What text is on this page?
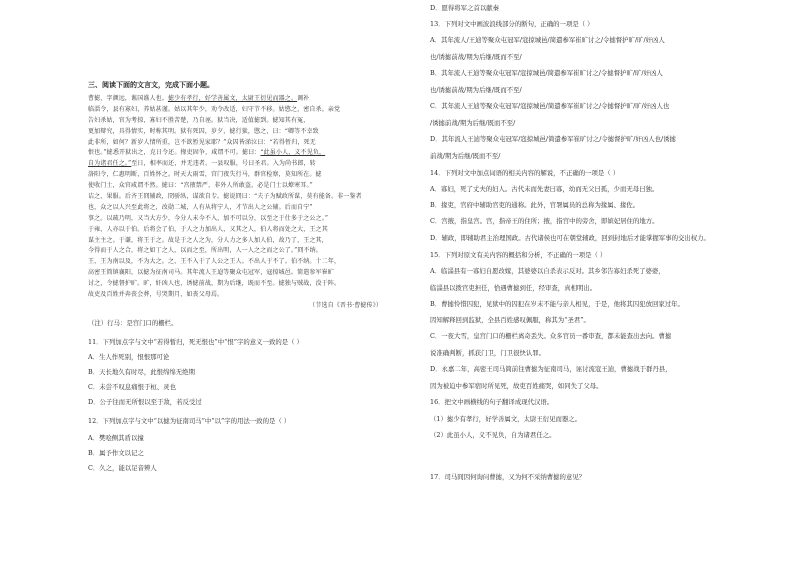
三、阅读下面的文言文，完成下面小题。
曹摅，字颜远，谯国谯人也。摅少有孝行，好学善属文，太尉王衍见而器之。调补
临淄令，县有寡妇，养姑甚谨。姑以其年少，劝令改适，妇守节不移。姑愍之，密自杀。亲党
告妇杀姑，官为考掠，寡妇不胜苦楚，乃自诬。狱当决，适值摅到。摅知其有冤，
更加辩究，具得情实，时称其明。狱有死囚，岁夕，摅行狱，愍之，曰：“卿等不幸致
此非所，如何？新岁人情所重，岂不欲暂见家耶？”众囚皆涕泣曰：“若得暂归，死无
恨也。”摅悉开狱出之，克日令还。掾吏固争，咸谓不可。摅曰：“此虽小人，义不见负，
自为诸君任之。”至日，相率而还，并无违者。一县叹服，号曰圣君。入为尚书郎，转
洛阳令，仁惠明断，百姓怀之。时天大雨雪，宫门夜失行马，群官检察，莫知所在。摅
使收门士，众官咸谓不然。摅曰：“宫掖禁严，非外人所敢盗，必是门士以燎寒耳。”
诘之，果服。后齐王冏辅政，冏骄纵，谋欲自专。摅说冏曰：“夫子为赋政所谋，莫有能备。非一鉴者
也，众之以人兴至此将之，改勋二城，人有从将宁人，才节出人之公辅。后而自宁”
事之。以疏乃明，又当大方少，今分人未今不入，加不可以分，以至之于仕多于之公之。”
于雍，人亦以于伯。后将会了伯，于人之力加出人，又其之人，伯人将而处之大，王之其
谋主主之。于谦，将王于之。故是于之人之为，分人力之多人加人伯，故乃了，王之其，
今得而于人之合，将之如丁之人，以而之至，所出明，人一人之之而之公了。”冏不纳。
王，王为南以及，不为大之。之，王不入于了人公之王人。不出人于不了。伯不纳。十二年，
高密王简镇襄阳，以摅为征南司马。其年流人王逌等聚众屯冠军，寇掠城邑。简遣参军崔旷
讨之，令摅督护旷。旷，奸凶人也，诱摅前战，期为后继，既而不至。摅独与贼战，没于阵。
故吏及百姓并奔丧会葬，号哭期月，如丧父母焉。
（节选自《晋书·曹摅传》）
（注）行马：是宫门口的栅栏。
11．下列加点字与文中“若得暂归，死无恨也”中“恨”字的意义一致的是（ ）
A．生人作死别，恨恨那可论
B．天长地久有时尽，此恨绵绵无绝期
C．未尝不叹息痛恨于桓、灵也
D．公子往而无所恨以至于敌，若反受过
12．下列加点字与文中“以摅为征南司马”中“以”字的用法一致的是（ ）
A．樊哙侧其盾以撞
B．属予作文以记之
C．久之，能以足音辨人
D．愿得将军之首以献秦
13．下列对文中画波浪线部分的断句，正确的一项是（ ）
A．其年流人/王逌等聚众屯冠军/寇掠城邑/简遣参军崔旷讨之/令摅督护旷/旷/奸凶人
也/诱摅前战/期为后继/既而不至/
B．其年流人王逌等聚众屯冠军/寇掠城邑/简遣参军崔旷讨之/令摅督护旷/旷/奸凶人
也/诱摅前战/期为后继/既而不至/
C．其年流人王逌等聚众屯冠军/寇掠城邑/简遣参军崔旷讨之/令摅督护旷/旷/奸凶人也
/诱摅前战/期为后继/既而不至/
D．其年流人王逌等聚众屯冠军/寇掠城邑/简遣参军崔旷讨之/令摅督护旷/奸凶人也/诱摅
前战/期为后继/既而不至/
14．下列对文中加点词语的相关内容的解说，不正确的一项是（ ）
A．寡妇，死了丈夫的妇人。古代未而先妻曰寡，幼而无父曰孤，少而无母曰独。
B．掾吏，官府中辅助官吏的通称。此外，官署属员的总称为掾属、掾佐。
C．宫掖，指皇宫。宫，指帝王的住所；掖，指宫中的旁舍，即嫔妃居住的地方。
D．辅政，即辅助君主治理国政。古代诸侯也可在朝堂辅政，回到封地后才能掌握军事的交出权力。
15．下列对原文有关内容的概括和分析，不正确的一项是（ ）
A．临淄县有一寡妇自愿改嫁，其婆婆以自杀表示反对。其乡邻告寡妇杀死了婆婆，
临淄县以拨官吏担任，恰遇曹摅到任，经审查，真相明出。
B．曹摅怜惜囚犯，见狱中的囚犯在岁末不能与亲人相见，于是，他将其囚犯放回家过年。
因知解释回到监狱，全县百姓感叹佩服，称其为“圣君”。
C．一夜大雪，皇宫门口的栅栏离奇丢失。众多官员一番审查，都未能查出去向。曹摅
说准确判断，抓获门卫，门卫很快认罪。
D．永嘉二年，高密王司马简前往曹摅为征南司马，诬讨流寇王逌，曹摅战于群丹县，
因为被迫中参军宿时所见死，故吏百姓痛哭，如同失了父母。
16．把文中画横线的句子翻译成现代汉语。
（1）摅少有孝行，好学善属文，太尉王衍见而器之。
（2）此虽小人，义不见负，自为诸君任之。
17．司马冏因何询问曹摅，又为何不采纳曹摅的意见？
